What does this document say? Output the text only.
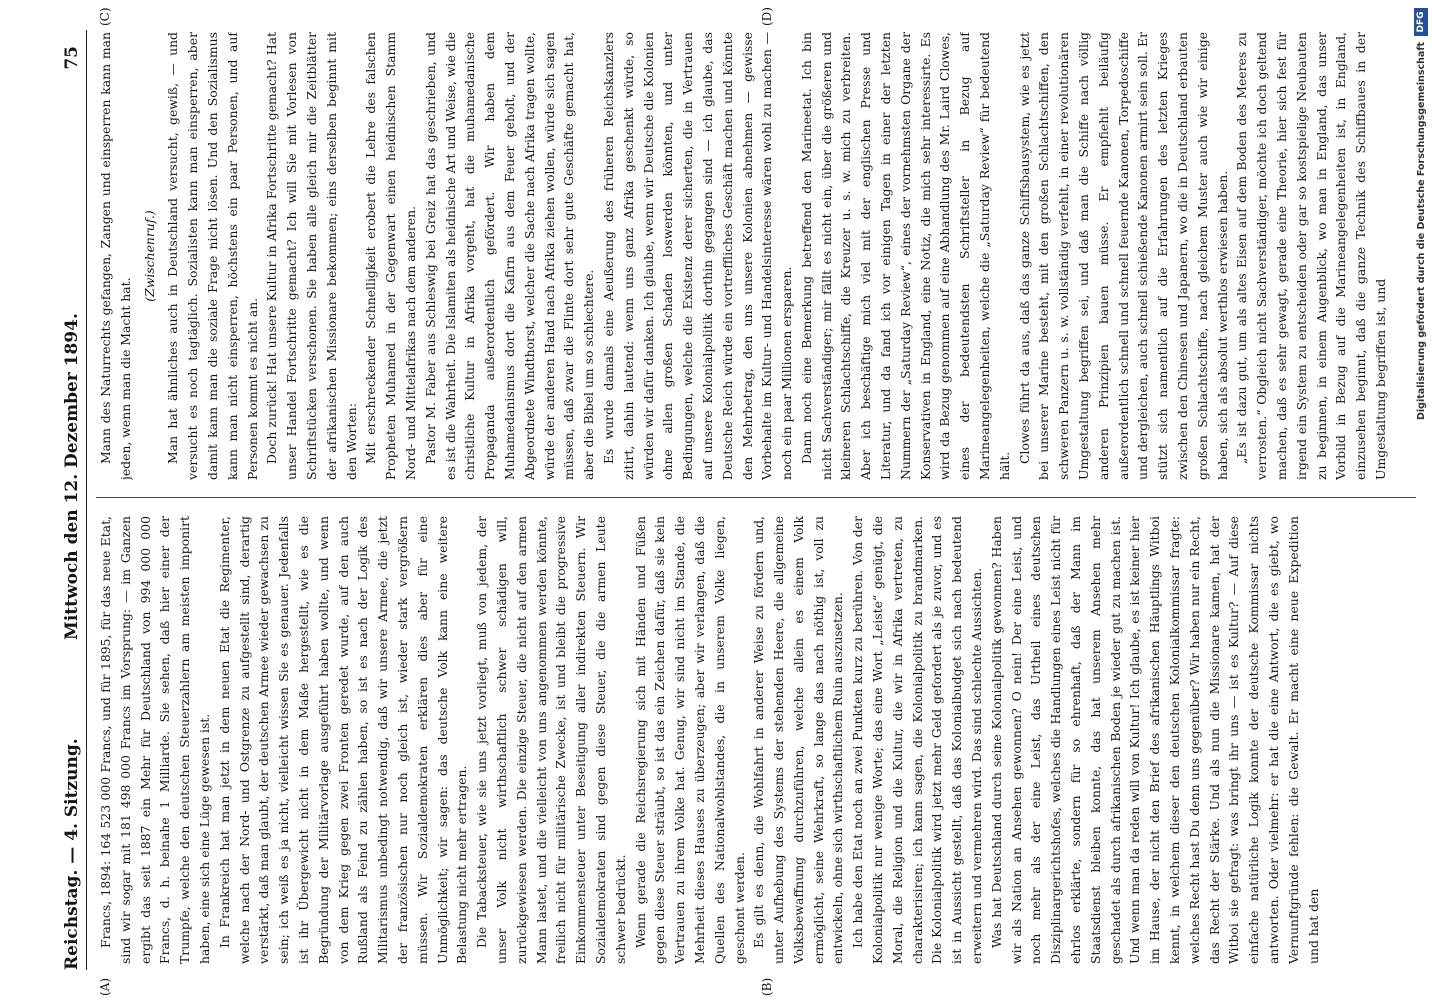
Reichstag. — 4. Sitzung.
Mittwoch den 12. Dezember 1894.
75
(A)	(B)
(C)	(D)

Francs, 1894: 164 523 000 Francs, und für 1895, für das neue Etat, sind wir sogar mit 181 498 000 Francs im Vorsprung: — im Ganzen ergibt das seit 1887 ein Mehr für Deutschland von 994 000 000 Francs, d. h. beinahe 1 Milliarde. Sie sehen, daß hier einer der Trumpfe, welche den deutschen Steuerzahlern am meisten imponirt haben, eine sich eine Lüge gewesen ist. In Frankreich hat man jetzt in dem neuen Etat die Regimenter, welche nach der Nord- und Ostgrenze zu aufgestellt sind, derartig verstärkt, daß man glaubt, der deutschen Armee wieder gewachsen zu sein; ich weiß es ja nicht, vielleicht wissen Sie es genauer. Jedenfalls ist ihr Übergewicht nicht in dem Maße hergestellt, wie es die Begründung der Militärvorlage ausgeführt haben wollte, und wenn von dem Krieg gegen zwei Fronten geredet wurde, auf den auch Rußland als Feind zu zählen haben, so ist es nach der Logik des Militarismus unbedingt notwendig, daß wir unsere Armee, die jetzt der französischen nur noch gleich ist, wieder stark vergrößern müssen. Wir Sozialdemokraten erklären dies aber für eine Unmöglichkeit; wir sagen: das deutsche Volk kann eine weitere Belastung nicht mehr ertragen. Die Tabacksteuer, wie sie uns jetzt vorliegt, muß von jedem, der unser Volk nicht wirthschaftlich schwer schädigen will, zurückgewiesen werden. Die einzige Steuer, die nicht auf den armen Mann lastet, und die vielleicht von uns angenommen werden könnte, freilich nicht für militärische Zwecke, ist und bleibt die progressive Einkommensteuer unter Beseitigung aller indirekten Steuern. Wir Sozialdemokraten sind gegen diese Steuer, die die armen Leute schwer bedrückt. Wenn gerade die Reichsregierung sich mit Händen und Füßen gegen diese Steuer sträubt, so ist das ein Zeichen dafür, daß sie kein Vertrauen zu ihrem Volke hat. Genug, wir sind nicht im Stande, die Mehrheit dieses Hauses zu überzeugen; aber wir verlangen, daß die Quellen des Nationalwohlstandes, die in unserem Volke liegen, geschont werden. Es gilt es denn, die Wohlfahrt in anderer Weise zu fördern und, unter Aufhebung des Systems der stehenden Heere, die allgemeine Volksbewaffnung durchzuführen, welche allein es einem Volk ermöglicht, seine Wehrkraft, so lange das nach nöthig ist, voll zu entwickeln, ohne sich wirthschaftlichem Ruin auszusetzen. Ich habe den Etat noch an zwei Punkten kurz zu berühren. Von der Kolonialpolitik nur wenige Worte; das eine Wort „Leiste“ genügt, die Moral, die Religion und die Kultur, die wir in Afrika vertreten, zu charakterisiren; ich kann sagen, die Kolonialpolitik zu brandmarken. Die Kolonialpolitik wird jetzt mehr Geld gefordert als je zuvor, und es ist in Aussicht gestellt, daß das Kolonialbudget sich nach bedeutend erweitern und vermehren wird. Das sind schlechte Aussichten. Was hat Deutschland durch seine Kolonialpolitik gewonnen? Haben wir als Nation an Ansehen gewonnen? O nein! Der eine Leist, und noch mehr als der eine Leist, das Urtheil eines deutschen Disziplinargerichtshofes, welches die Handlungen eines Leist nicht für ehrlos erklärte, sondern für so ehrenhaft, daß der Mann im Staatsdienst bleiben konnte, das hat unserem Ansehen mehr geschadet als durch afrikanischen Boden je wieder gut zu machen ist. Und wenn man da reden will von Kultur! Ich glaube, es ist keiner hier im Hause, der nicht den Brief des afrikanischen Häuptlings Witboi kennt, in welchem dieser den deutschen Kolonialkommissar fragte: welches Recht hast Du denn uns gegenüber? Wir haben nur ein Recht, das Recht der Stärke. Und als nun die Missionare kamen, hat der Witboi sie gefragt: was bringt ihr uns — ist es Kultur? — Auf diese einfache natürliche Logik konnte der deutsche Kommissar nichts antworten. Oder vielmehr: er hat die eine Antwort, die es giebt, wo Vernunftgründe fehlen: die Gewalt. Er macht eine neue Expedition und hat den

Mann des Naturrechts gefangen, Zangen und einsperren kann man jeden, wenn man die Macht hat.

(Zwischenruf.) Man hat ähnliches auch in Deutschland versucht, gewiß, — und versucht es noch tagtäglich. Sozialisten kann man einsperren, aber damit kann man die soziale Frage nicht lösen. Und den Sozialismus kann man nicht einsperren, höchstens ein paar Personen, und auf Personen kommt es nicht an. Doch zurück! Hat unsere Kultur in Afrika Fortschritte gemacht? Hat unser Handel Fortschritte gemacht? Ich will Sie mit Vorlesen von Schriftstücken verschonen. Sie haben alle gleich mir die Zeitblätter der afrikanischen Missionare bekommen; eins derselben beginnt mit den Worten: Mit erschreckender Schnelligkeit erobert die Lehre des falschen Propheten Muhamed in der Gegenwart einen heidnischen Stamm Nord- und Mittelafrikas nach dem anderen. Pastor M. Faber aus Schleswig bei Greiz hat das geschrieben, und es ist die Wahrheit. Die Islamiten als heidnische Art und Weise, wie die christliche Kultur in Afrika vorgeht, hat die muhamedanische Propaganda außerordentlich gefördert. Wir haben dem Muhamedanismus dort die Kafirn aus dem Feuer geholt, und der Abgeordnete Windthorst, welcher die Sache nach Afrika tragen wollte, würde der anderen Hand nach Afrika ziehen wollen, würde sich sagen müssen, daß zwar die Flinte dort sehr gute Geschäfte gemacht hat, aber die Bibel um so schlechtere. Es wurde damals eine Aeußerung des früheren Reichskanzlers zitirt, dahin lautend: wenn uns ganz Afrika geschenkt würde, so würden wir dafür danken. Ich glaube, wenn wir Deutsche die Kolonien ohne allen großen Schaden loswerden könnten, und unter Bedingungen, welche die Existenz derer sicherten, die in Vertrauen auf unsere Kolonialpolitik dorthin gegangen sind — ich glaube, das Deutsche Reich würde ein vortreffliches Geschäft machen und könnte den Mehrbetrag, den uns unsere Kolonien abnehmen — gewisse Vorbehalte im Kultur- und Handelsinteresse wären wohl zu machen — noch ein paar Millionen ersparen. Dann noch eine Bemerkung betreffend den Marineetat. Ich bin nicht Sachverständiger; mir fällt es nicht ein, über die größeren und kleineren Schlachtschiffe, die Kreuzer u. s. w. mich zu verbreiten. Aber ich beschäftige mich viel mit der englischen Presse und Literatur, und da fand ich vor einigen Tagen in einer der letzten Nummern der „Saturday Review“, eines der vornehmsten Organe der Konservativen in England, eine Notiz, die mich sehr interessirte. Es wird da Bezug genommen auf eine Abhandlung des Mr. Laird Clowes, eines der bedeutendsten Schriftsteller in Bezug auf Marineangelegenheiten, welche die „Saturday Review“ für bedeutend hält.

Clowes führt da aus, daß das ganze Schiffsbausystem, wie es jetzt bei unserer Marine besteht, mit den großen Schlachtschiffen, den schweren Panzern u. s. w. vollständig verfehlt, in einer revolutionären Umgestaltung begriffen sei, und daß man die Schiffe nach völlig anderen Prinzipien bauen müsse. Er empfiehlt beiläufig außerordentlich schnell und schnell feuernde Kanonen, Torpedoschiffe und dergleichen, auch schnell schießende Kanonen armirt sein soll. Er stützt sich namentlich auf die Erfahrungen des letzten Krieges zwischen den Chinesen und Japanern, wo die in Deutschland erbauten großen Schlachtschiffe, nach gleichem Muster auch wie wir einige haben, sich als absolut werthlos erwiesen haben. „Es ist dazu gut, um als altes Eisen auf dem Boden des Meeres zu verrosten.“ Obgleich nicht Sachverständiger, möchte ich doch geltend machen, daß es sehr gewagt, gerade eine Theorie, hier sich fest für irgend ein System zu entscheiden oder gar so kostspielige Neubauten zu beginnen, in einem Augenblick, wo man in England, das unser Vorbild in Bezug auf die Marineangelegenheiten ist, in England, einzusehen beginnt, daß die ganze Technik des Schiffbaues in der Umgestaltung begriffen ist, und	Digitalisierung gefördert durch die Deutsche Forschungsgemeinschaft
DFG
